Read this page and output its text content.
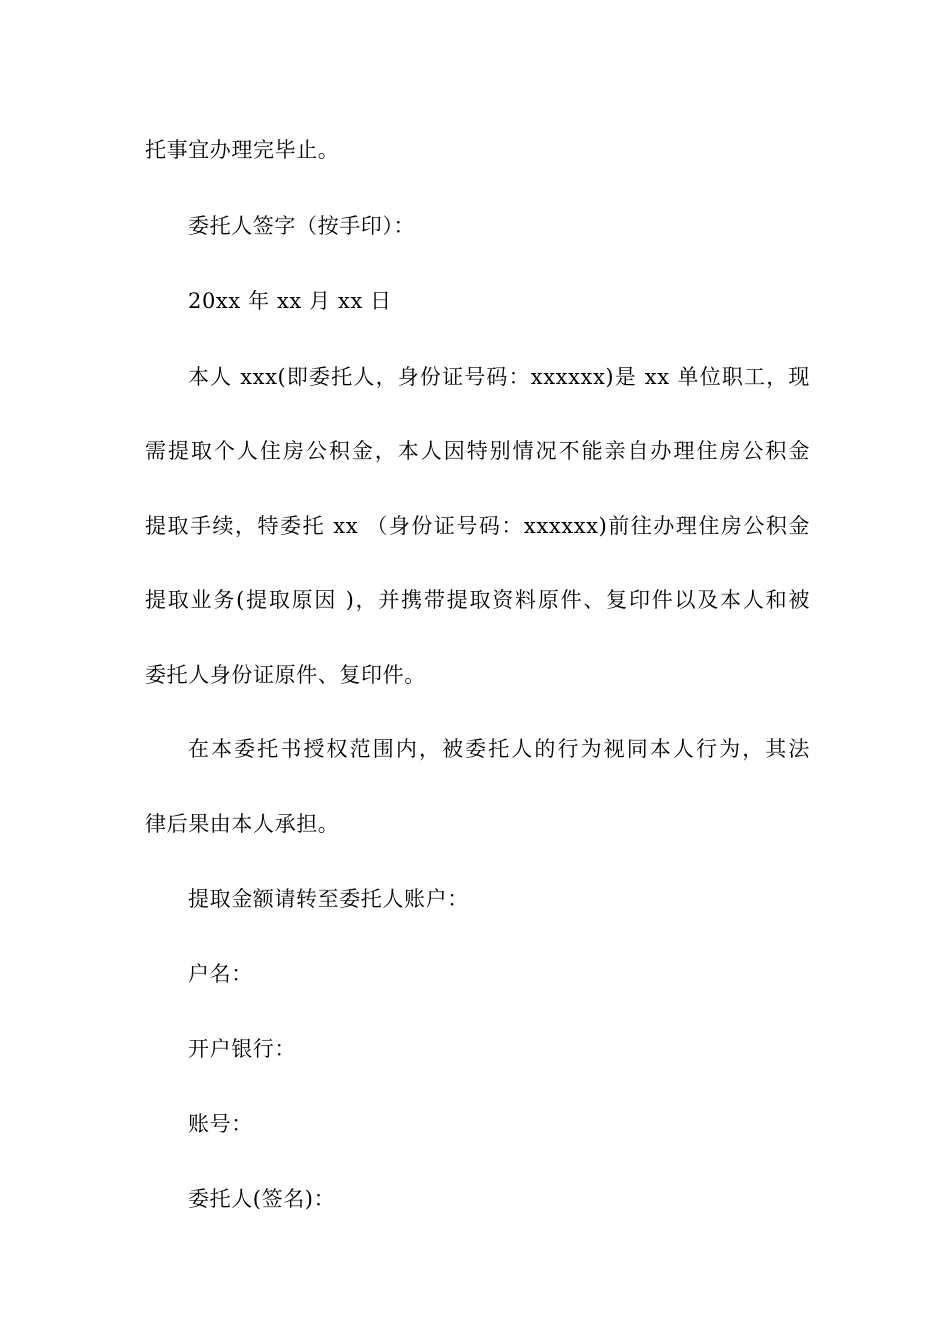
托事宜办理完毕止。
委托人签字（按手印）：
20xx 年 xx 月 xx 日
本人 xxx(即委托人，身份证号码：xxxxxx)是 xx 单位职工，现
需提取个人住房公积金，本人因特别情况不能亲自办理住房公积金
提取手续，特委托 xx （身份证号码：xxxxxx)前往办理住房公积金
提取业务(提取原因 )，并携带提取资料原件、复印件以及本人和被
委托人身份证原件、复印件。
在本委托书授权范围内，被委托人的行为视同本人行为，其法
律后果由本人承担。
提取金额请转至委托人账户：
户名：
开户银行：
账号：
委托人(签名)：
